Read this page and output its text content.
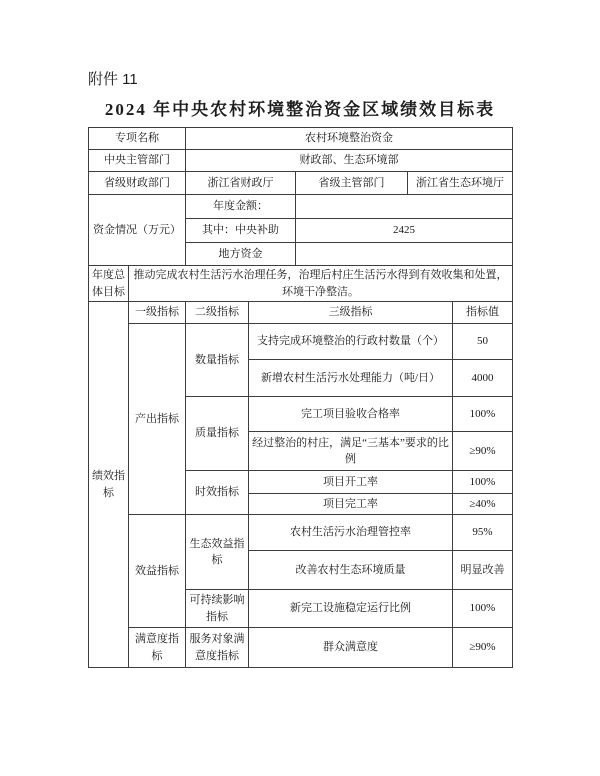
附件 11
2024 年中央农村环境整治资金区域绩效目标表
专项名称		农村环境整治资金				
中央主管部门		财政部、生态环境部				
省级财政部门		浙江省财政厅		省级主管部门	浙江省生态环境厅	
资金情况（万元）		年度金额：				
		其中：中央补助		2425		
		地方资金				
年度总体目标	推动完成农村生活污水治理任务，治理后村庄生活污水得到有效收集和处置，环境干净整洁。					
绩效指标	一级指标	二级指标	三级指标			指标值
	产出指标	数量指标	支持完成环境整治的行政村数量（个）			50
			新增农村生活污水处理能力（吨/日）			4000
		质量指标	完工项目验收合格率			100%
			经过整治的村庄，满足“三基本”要求的比例			≥90%
		时效指标	项目开工率			100%
			项目完工率			≥40%
	效益指标	生态效益指标	农村生活污水治理管控率			95%
			改善农村生态环境质量			明显改善
		可持续影响指标	新完工设施稳定运行比例			100%
	满意度指标	服务对象满意度指标	群众满意度			≥90%
